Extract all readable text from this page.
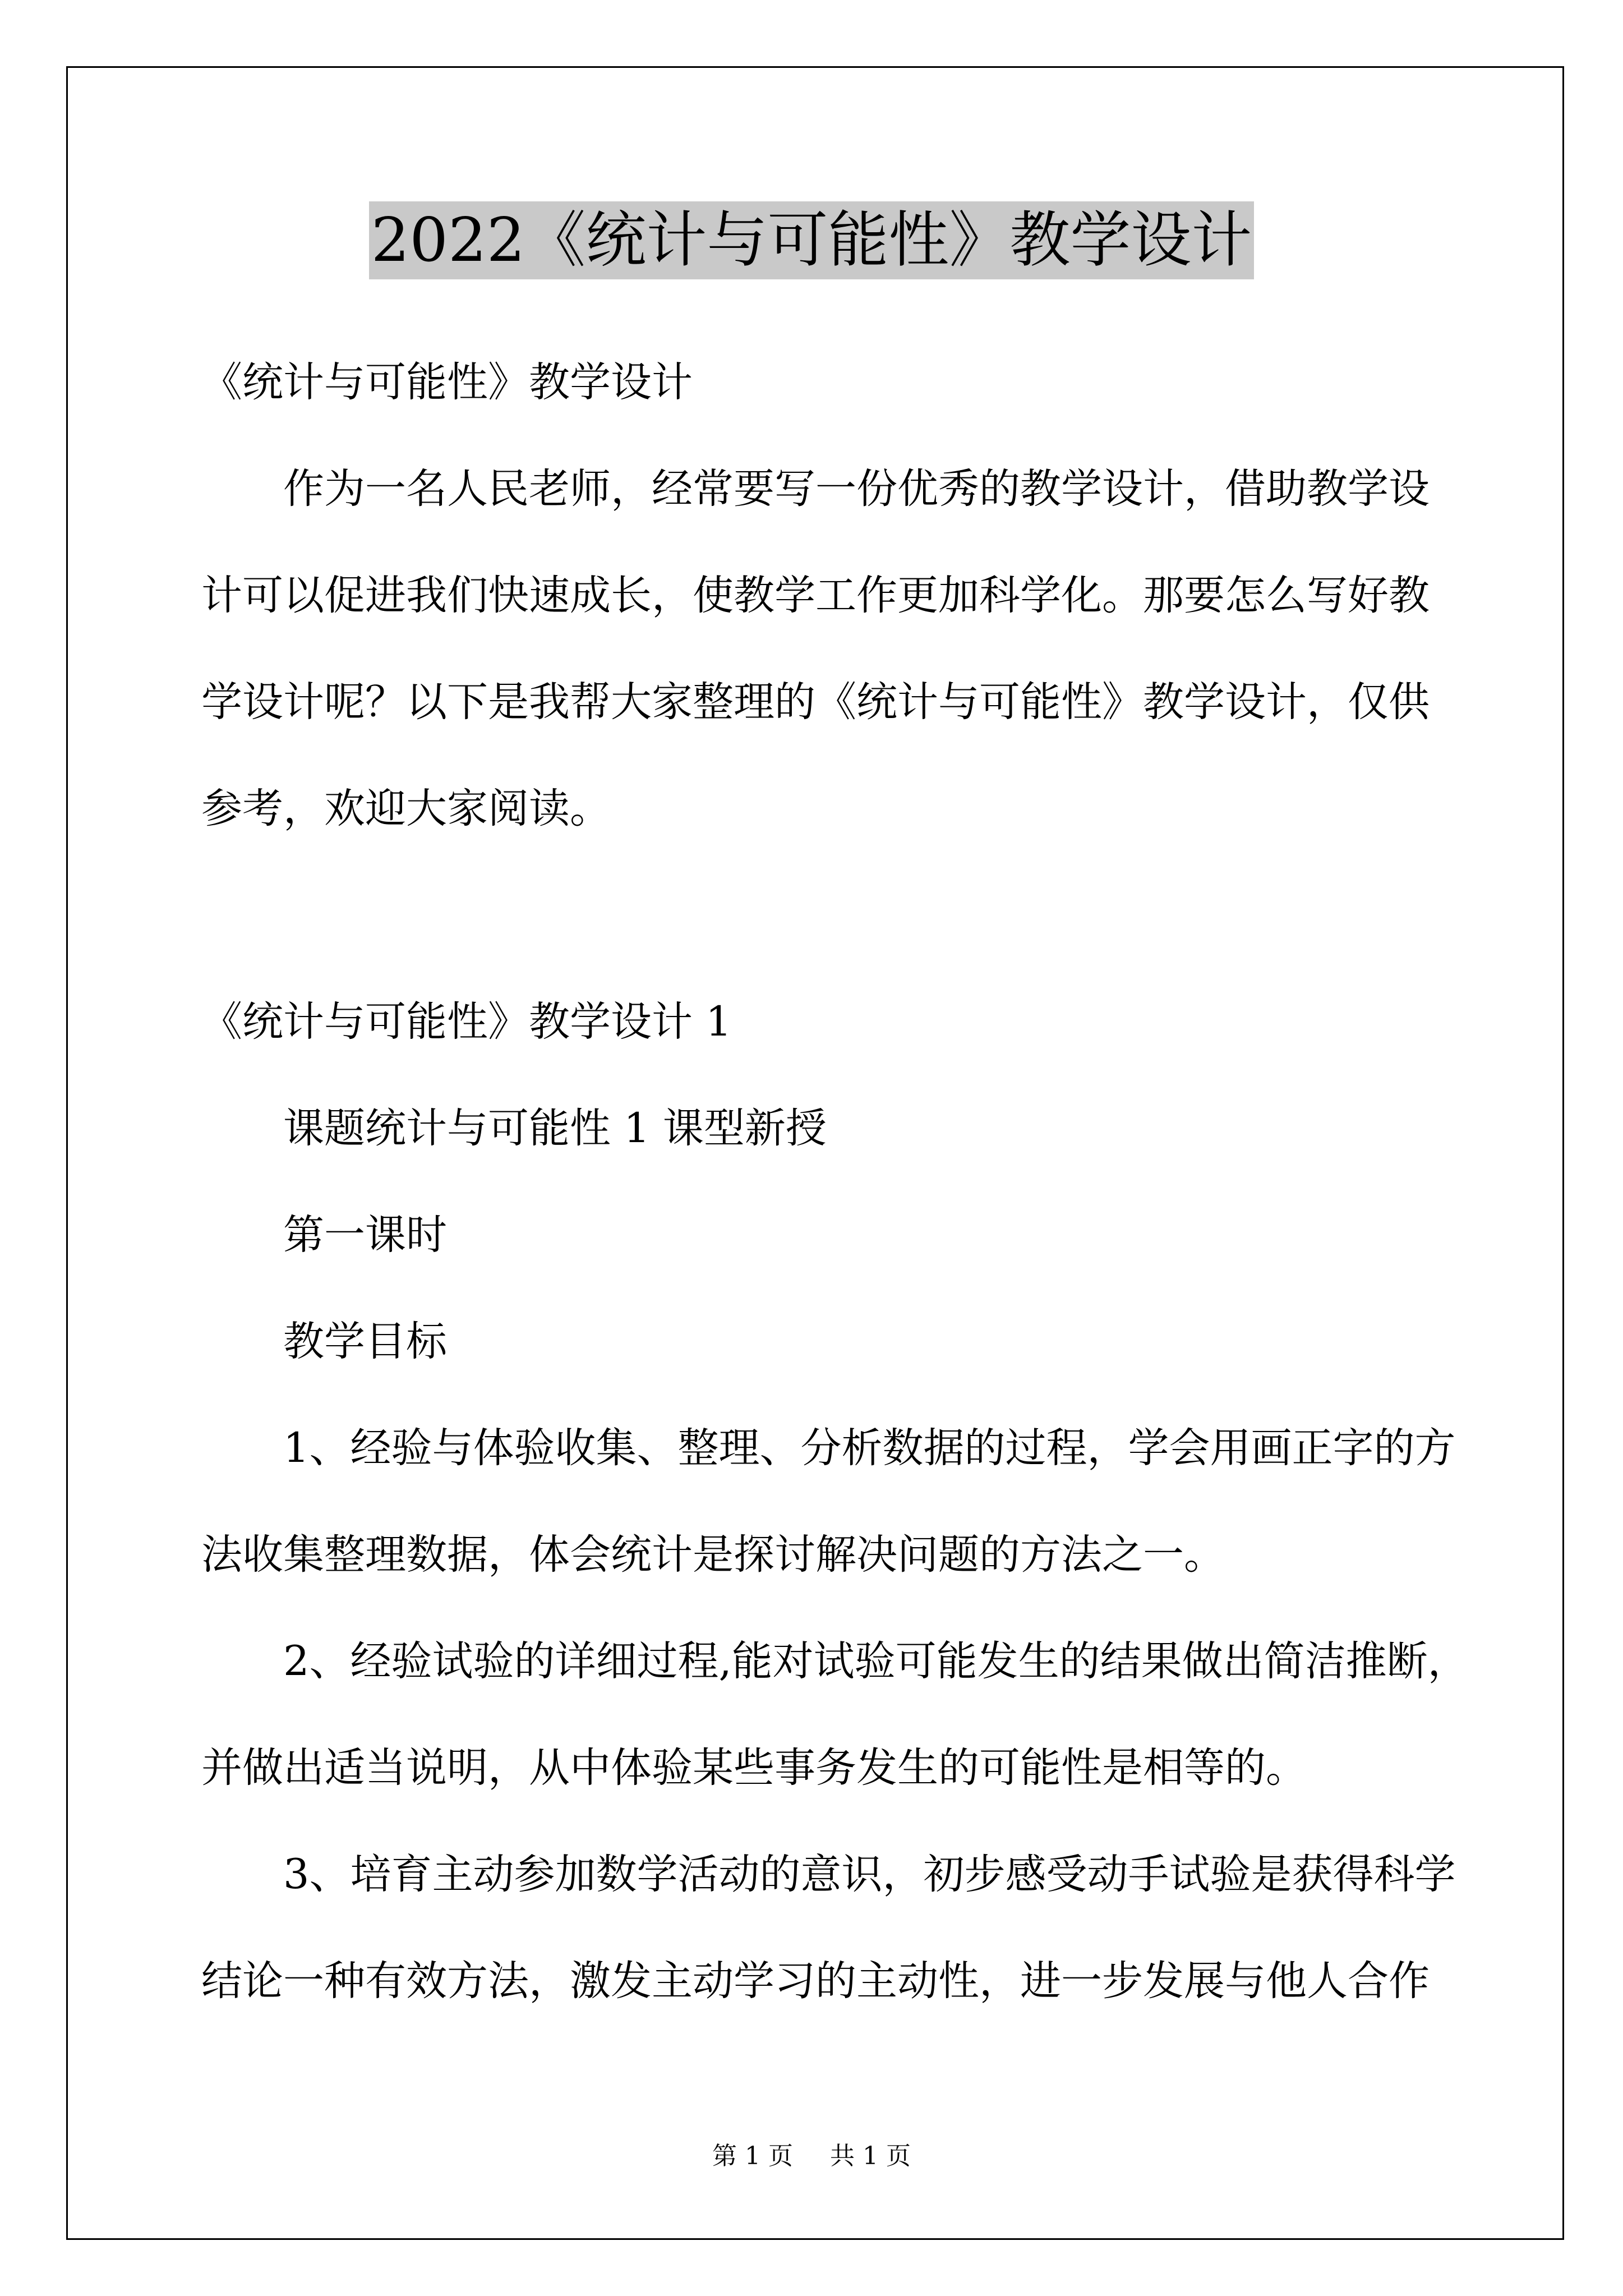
2022《统计与可能性》教学设计
《统计与可能性》教学设计
作为一名人民老师，经常要写一份优秀的教学设计，借助教学设
计可以促进我们快速成长，使教学工作更加科学化。那要怎么写好教
学设计呢？以下是我帮大家整理的《统计与可能性》教学设计，仅供
参考，欢迎大家阅读。
《统计与可能性》教学设计 1
课题统计与可能性 1 课型新授
第一课时
教学目标
1、经验与体验收集、整理、分析数据的过程，学会用画正字的方
法收集整理数据，体会统计是探讨解决问题的方法之一。
2、经验试验的详细过程,能对试验可能发生的结果做出简洁推断，
并做出适当说明，从中体验某些事务发生的可能性是相等的。
3、培育主动参加数学活动的意识，初步感受动手试验是获得科学
结论一种有效方法，激发主动学习的主动性，进一步发展与他人合作
第 1 页 共 1 页
